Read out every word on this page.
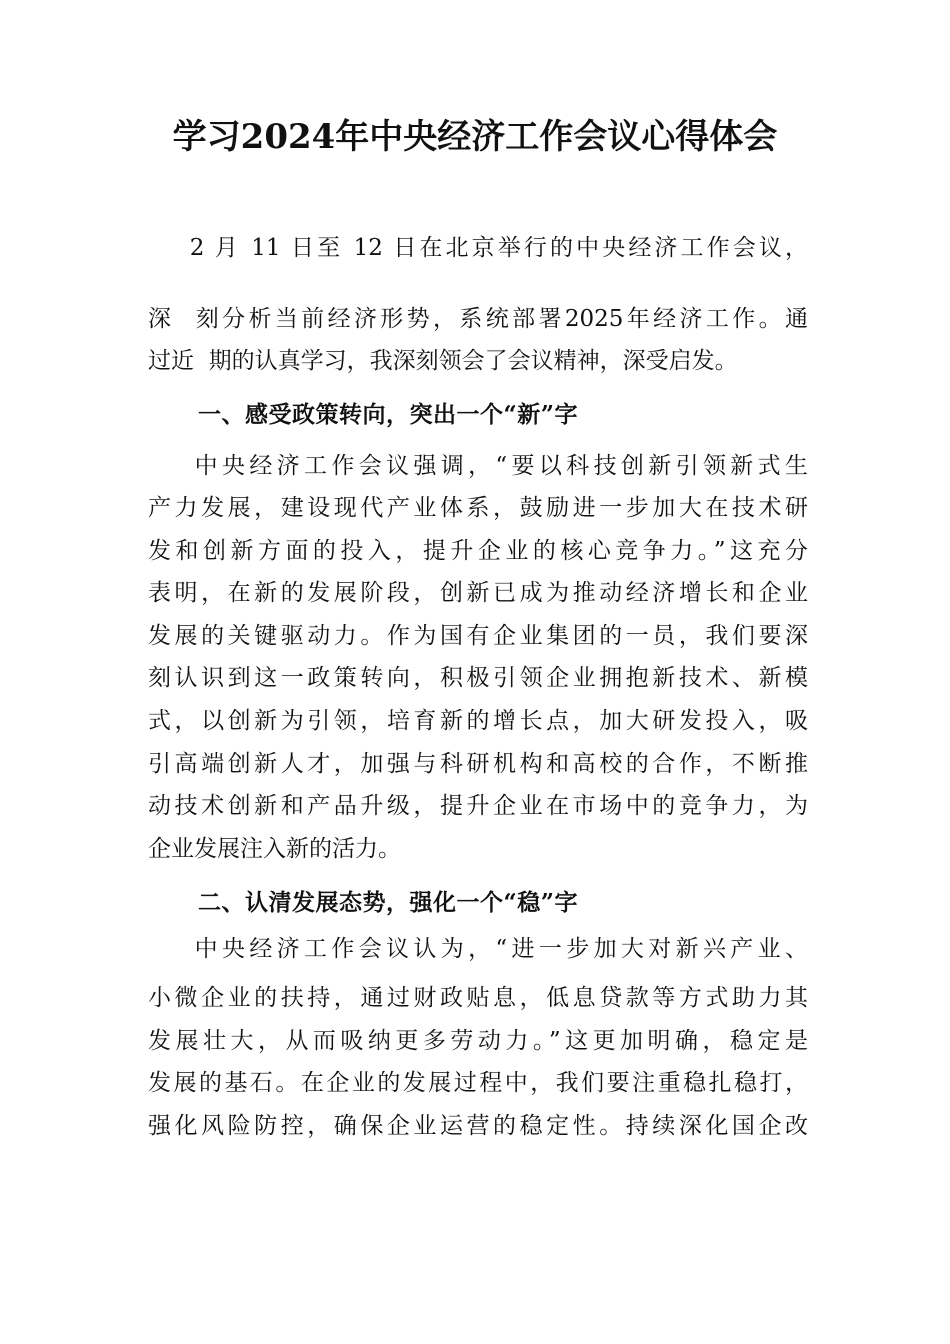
学习2024年中央经济工作会议心得体会
2 月 11 日至 12 日在北京举行的中央经济工作会议，
深  刻分析当前经济形势，系统部署2025年经济工作。通
过近  期的认真学习，我深刻领会了会议精神，深受启发。
一、感受政策转向，突出一个“新”字
中央经济工作会议强调，“要以科技创新引领新式生
产力发展，建设现代产业体系，鼓励进一步加大在技术研
发和创新方面的投入，提升企业的核心竞争力。”这充分
表明，在新的发展阶段，创新已成为推动经济增长和企业
发展的关键驱动力。作为国有企业集团的一员，我们要深
刻认识到这一政策转向，积极引领企业拥抱新技术、新模
式，以创新为引领，培育新的增长点，加大研发投入，吸
引高端创新人才，加强与科研机构和高校的合作，不断推
动技术创新和产品升级，提升企业在市场中的竞争力，为
企业发展注入新的活力。
二、认清发展态势，强化一个“稳”字
中央经济工作会议认为，“进一步加大对新兴产业、
小微企业的扶持，通过财政贴息，低息贷款等方式助力其
发展壮大，从而吸纳更多劳动力。”这更加明确，稳定是
发展的基石。在企业的发展过程中，我们要注重稳扎稳打，
强化风险防控，确保企业运营的稳定性。持续深化国企改
